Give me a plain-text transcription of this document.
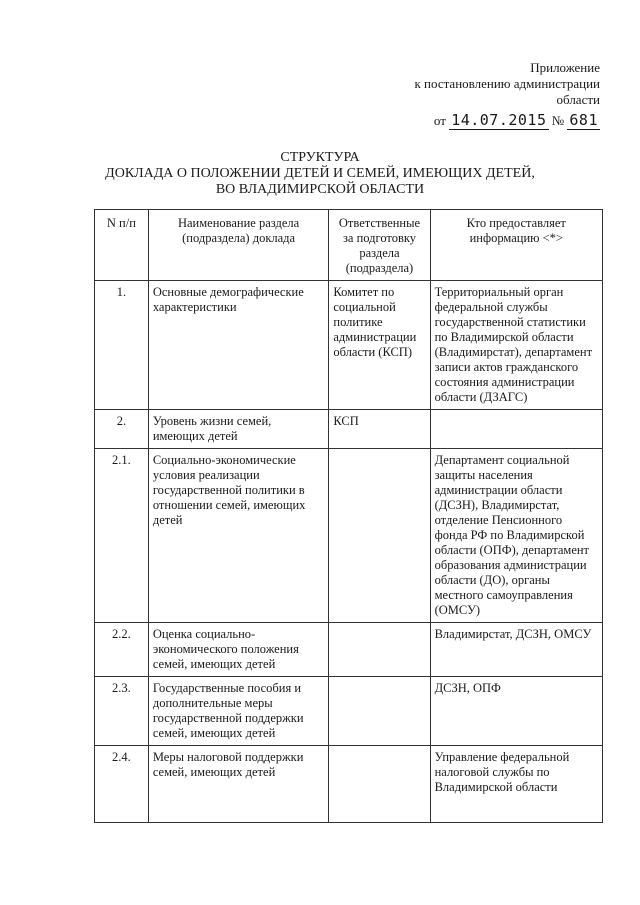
Приложение
к постановлению администрации
области
от 14.07.2015 № 681
СТРУКТУРА
ДОКЛАДА О ПОЛОЖЕНИИ ДЕТЕЙ И СЕМЕЙ, ИМЕЮЩИХ ДЕТЕЙ,
ВО ВЛАДИМИРСКОЙ ОБЛАСТИ
N п/п	Наименование раздела (подраздела) доклада	Ответственные за подготовку раздела (подраздела)	Кто предоставляет информацию <*>
1.	Основные демографические характеристики	Комитет по социальной политике администрации области (КСП)	Территориальный орган федеральной службы государственной статистики по Владимирской области (Владимирстат), департамент записи актов гражданского состояния администрации области (ДЗАГС)
2.	Уровень жизни семей, имеющих детей	КСП	
2.1.	Социально-экономические условия реализации государственной политики в отношении семей, имеющих детей		Департамент социальной защиты населения администрации области (ДСЗН), Владимирстат, отделение Пенсионного фонда РФ по Владимирской области (ОПФ), департамент образования администрации области (ДО), органы местного самоуправления (ОМСУ)
2.2.	Оценка социально-экономического положения семей, имеющих детей		Владимирстат, ДСЗН, ОМСУ
2.3.	Государственные пособия и дополнительные меры государственной поддержки семей, имеющих детей		ДСЗН, ОПФ
2.4.	Меры налоговой поддержки семей, имеющих детей		Управление федеральной налоговой службы по Владимирской области
